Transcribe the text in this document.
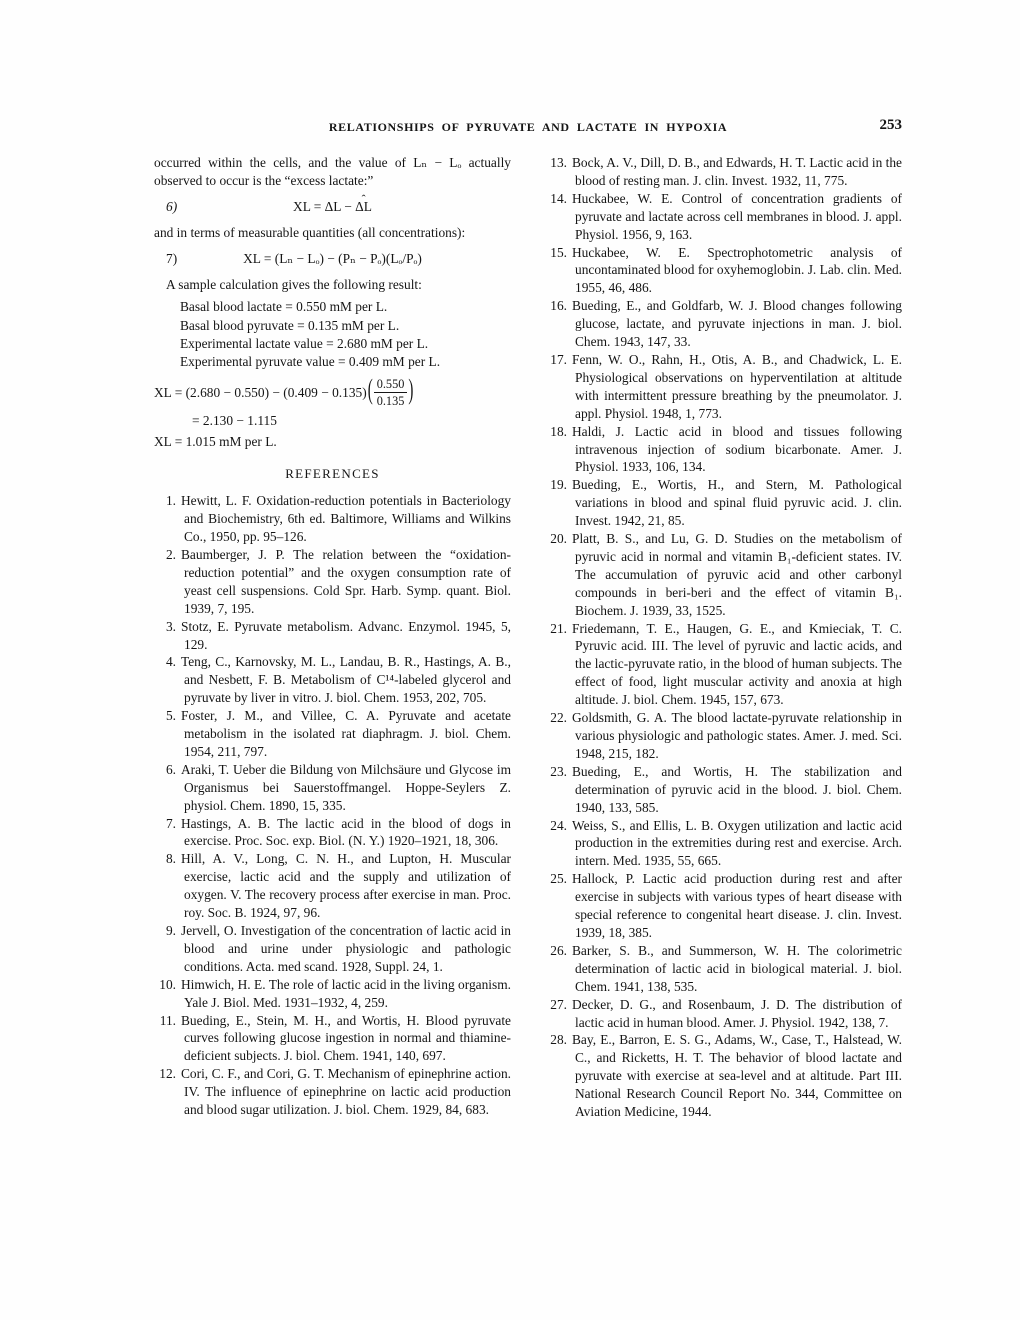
RELATIONSHIPS OF PYRUVATE AND LACTATE IN HYPOXIA	253

occurred within the cells, and the value of Lₙ − Lₒ actually observed to occur is the “excess lactate:”

6)	XL = ΔL − ΔL ˆ

and in terms of measurable quantities (all concentrations):

7)	XL = (Lₙ − Lₒ) − (Pₙ − Pₒ)(Lₒ/Pₒ)

A sample calculation gives the following result:

Basal blood lactate = 0.550 mM per L.
Basal blood pyruvate = 0.135 mM per L.
Experimental lactate value = 2.680 mM per L.
Experimental pyruvate value = 0.409 mM per L.
XL = (2.680 − 0.550) − (0.409 − 0.135) ( $\frac{0.550}{0.135}$ )
= 2.130 − 1.115
XL = 1.015 mM per L.
REFERENCES

1. Hewitt, L. F. Oxidation-reduction potentials in Bacteriology and Biochemistry, 6th ed. Baltimore, Williams and Wilkins Co., 1950, pp. 95–126.

2. Baumberger, J. P. The relation between the “oxidation-reduction potential” and the oxygen consumption rate of yeast cell suspensions. Cold Spr. Harb. Symp. quant. Biol. 1939, 7, 195.

3. Stotz, E. Pyruvate metabolism. Advanc. Enzymol. 1945, 5, 129.

4. Teng, C., Karnovsky, M. L., Landau, B. R., Hastings, A. B., and Nesbett, F. B. Metabolism of C¹⁴-labeled glycerol and pyruvate by liver in vitro. J. biol. Chem. 1953, 202, 705.

5. Foster, J. M., and Villee, C. A. Pyruvate and acetate metabolism in the isolated rat diaphragm. J. biol. Chem. 1954, 211, 797.

6. Araki, T. Ueber die Bildung von Milchsäure und Glycose im Organismus bei Sauerstoffmangel. Hoppe-Seylers Z. physiol. Chem. 1890, 15, 335.

7. Hastings, A. B. The lactic acid in the blood of dogs in exercise. Proc. Soc. exp. Biol. (N. Y.) 1920–1921, 18, 306.

8. Hill, A. V., Long, C. N. H., and Lupton, H. Muscular exercise, lactic acid and the supply and utilization of oxygen. V. The recovery process after exercise in man. Proc. roy. Soc. B. 1924, 97, 96.

9. Jervell, O. Investigation of the concentration of lactic acid in blood and urine under physiologic and pathologic conditions. Acta. med scand. 1928, Suppl. 24, 1.

10. Himwich, H. E. The role of lactic acid in the living organism. Yale J. Biol. Med. 1931–1932, 4, 259.

11. Bueding, E., Stein, M. H., and Wortis, H. Blood pyruvate curves following glucose ingestion in normal and thiamine-deficient subjects. J. biol. Chem. 1941, 140, 697.

12. Cori, C. F., and Cori, G. T. Mechanism of epinephrine action. IV. The influence of epinephrine on lactic acid production and blood sugar utilization. J. biol. Chem. 1929, 84, 683.

13. Bock, A. V., Dill, D. B., and Edwards, H. T. Lactic acid in the blood of resting man. J. clin. Invest. 1932, 11, 775.

14. Huckabee, W. E. Control of concentration gradients of pyruvate and lactate across cell membranes in blood. J. appl. Physiol. 1956, 9, 163.

15. Huckabee, W. E. Spectrophotometric analysis of uncontaminated blood for oxyhemoglobin. J. Lab. clin. Med. 1955, 46, 486.

16. Bueding, E., and Goldfarb, W. J. Blood changes following glucose, lactate, and pyruvate injections in man. J. biol. Chem. 1943, 147, 33.

17. Fenn, W. O., Rahn, H., Otis, A. B., and Chadwick, L. E. Physiological observations on hyperventilation at altitude with intermittent pressure breathing by the pneumolator. J. appl. Physiol. 1948, 1, 773.

18. Haldi, J. Lactic acid in blood and tissues following intravenous injection of sodium bicarbonate. Amer. J. Physiol. 1933, 106, 134.

19. Bueding, E., Wortis, H., and Stern, M. Pathological variations in blood and spinal fluid pyruvic acid. J. clin. Invest. 1942, 21, 85.

20. Platt, B. S., and Lu, G. D. Studies on the metabolism of pyruvic acid in normal and vitamin B₁-deficient states. IV. The accumulation of pyruvic acid and other carbonyl compounds in beri-beri and the effect of vitamin B₁. Biochem. J. 1939, 33, 1525.

21. Friedemann, T. E., Haugen, G. E., and Kmieciak, T. C. Pyruvic acid. III. The level of pyruvic and lactic acids, and the lactic-pyruvate ratio, in the blood of human subjects. The effect of food, light muscular activity and anoxia at high altitude. J. biol. Chem. 1945, 157, 673.

22. Goldsmith, G. A. The blood lactate-pyruvate relationship in various physiologic and pathologic states. Amer. J. med. Sci. 1948, 215, 182.

23. Bueding, E., and Wortis, H. The stabilization and determination of pyruvic acid in the blood. J. biol. Chem. 1940, 133, 585.

24. Weiss, S., and Ellis, L. B. Oxygen utilization and lactic acid production in the extremities during rest and exercise. Arch. intern. Med. 1935, 55, 665.

25. Hallock, P. Lactic acid production during rest and after exercise in subjects with various types of heart disease with special reference to congenital heart disease. J. clin. Invest. 1939, 18, 385.

26. Barker, S. B., and Summerson, W. H. The colorimetric determination of lactic acid in biological material. J. biol. Chem. 1941, 138, 535.

27. Decker, D. G., and Rosenbaum, J. D. The distribution of lactic acid in human blood. Amer. J. Physiol. 1942, 138, 7.

28. Bay, E., Barron, E. S. G., Adams, W., Case, T., Halstead, W. C., and Ricketts, H. T. The behavior of blood lactate and pyruvate with exercise at sea-level and at altitude. Part III. National Research Council Report No. 344, Committee on Aviation Medicine, 1944.
